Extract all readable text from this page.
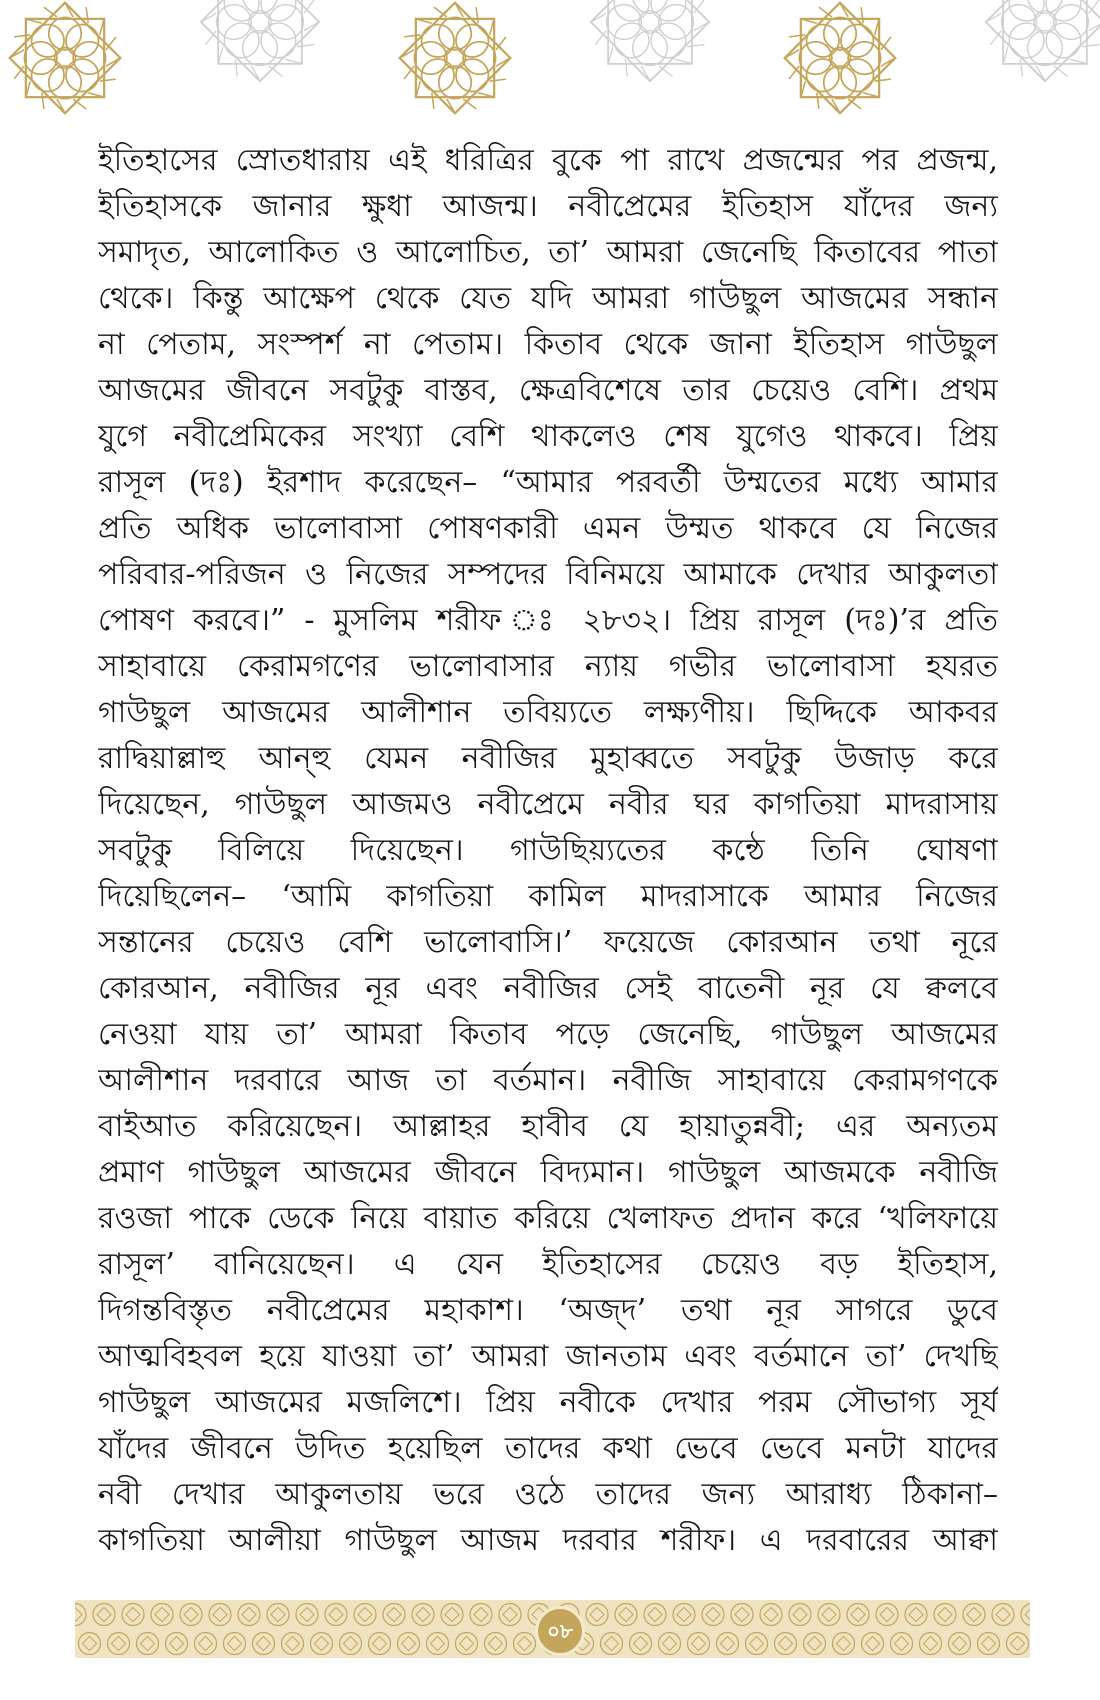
ইতিহাসের স্রোতধারায় এই ধরিত্রির বুকে পা রাখে প্রজন্মের পর প্রজন্ম,
ইতিহাসকে জানার ক্ষুধা আজন্ম। নবীপ্রেমের ইতিহাস যাঁদের জন্য
সমাদৃত, আলোকিত ও আলোচিত, তা’ আমরা জেনেছি কিতাবের পাতা
থেকে। কিন্তু আক্ষেপ থেকে যেত যদি আমরা গাউছুল আজমের সন্ধান
না পেতাম, সংস্পর্শ না পেতাম। কিতাব থেকে জানা ইতিহাস গাউছুল
আজমের জীবনে সবটুকু বাস্তব, ক্ষেত্রবিশেষে তার চেয়েও বেশি। প্রথম
যুগে নবীপ্রেমিকের সংখ্যা বেশি থাকলেও শেষ যুগেও থাকবে। প্রিয়
রাসূল (দঃ) ইরশাদ করেছেন– “আমার পরবর্তী উম্মতের মধ্যে আমার
প্রতি অধিক ভালোবাসা পোষণকারী এমন উম্মত থাকবে যে নিজের
পরিবার-পরিজন ও নিজের সম্পদের বিনিময়ে আমাকে দেখার আকুলতা
পোষণ করবে।” - মুসলিম শরীফ ঃ ২৮৩২। প্রিয় রাসূল (দঃ)’র প্রতি
সাহাবায়ে কেরামগণের ভালোবাসার ন্যায় গভীর ভালোবাসা হযরত
গাউছুল আজমের আলীশান তবিয়্যতে লক্ষ্যণীয়। ছিদ্দিকে আকবর
রাদ্বিয়াল্লাহু আন্‌হু যেমন নবীজির মুহাব্বতে সবটুকু উজাড় করে
দিয়েছেন, গাউছুল আজমও নবীপ্রেমে নবীর ঘর কাগতিয়া মাদরাসায়
সবটুকু বিলিয়ে দিয়েছেন। গাউছিয়্যতের কন্ঠে তিনি ঘোষণা
দিয়েছিলেন– ‘আমি কাগতিয়া কামিল মাদরাসাকে আমার নিজের
সন্তানের চেয়েও বেশি ভালোবাসি।’ ফয়েজে কোরআন তথা নূরে
কোরআন, নবীজির নূর এবং নবীজির সেই বাতেনী নূর যে ক্বলবে
নেওয়া যায় তা’ আমরা কিতাব পড়ে জেনেছি, গাউছুল আজমের
আলীশান দরবারে আজ তা বর্তমান। নবীজি সাহাবায়ে কেরামগণকে
বাইআত করিয়েছেন। আল্লাহর হাবীব যে হায়াতুন্নবী; এর অন্যতম
প্রমাণ গাউছুল আজমের জীবনে বিদ্যমান। গাউছুল আজমকে নবীজি
রওজা পাকে ডেকে নিয়ে বায়াত করিয়ে খেলাফত প্রদান করে ‘খলিফায়ে
রাসূল’ বানিয়েছেন। এ যেন ইতিহাসের চেয়েও বড় ইতিহাস,
দিগন্তবিস্তৃত নবীপ্রেমের মহাকাশ। ‘অজ্‌দ’ তথা নূর সাগরে ডুবে
আত্মবিহবল হয়ে যাওয়া তা’ আমরা জানতাম এবং বর্তমানে তা’ দেখছি
গাউছুল আজমের মজলিশে। প্রিয় নবীকে দেখার পরম সৌভাগ্য সূর্য
যাঁদের জীবনে উদিত হয়েছিল তাদের কথা ভেবে ভেবে মনটা যাদের
নবী দেখার আকুলতায় ভরে ওঠে তাদের জন্য আরাধ্য ঠিকানা–
কাগতিয়া আলীয়া গাউছুল আজম দরবার শরীফ। এ দরবারের আক্বা
০৮
